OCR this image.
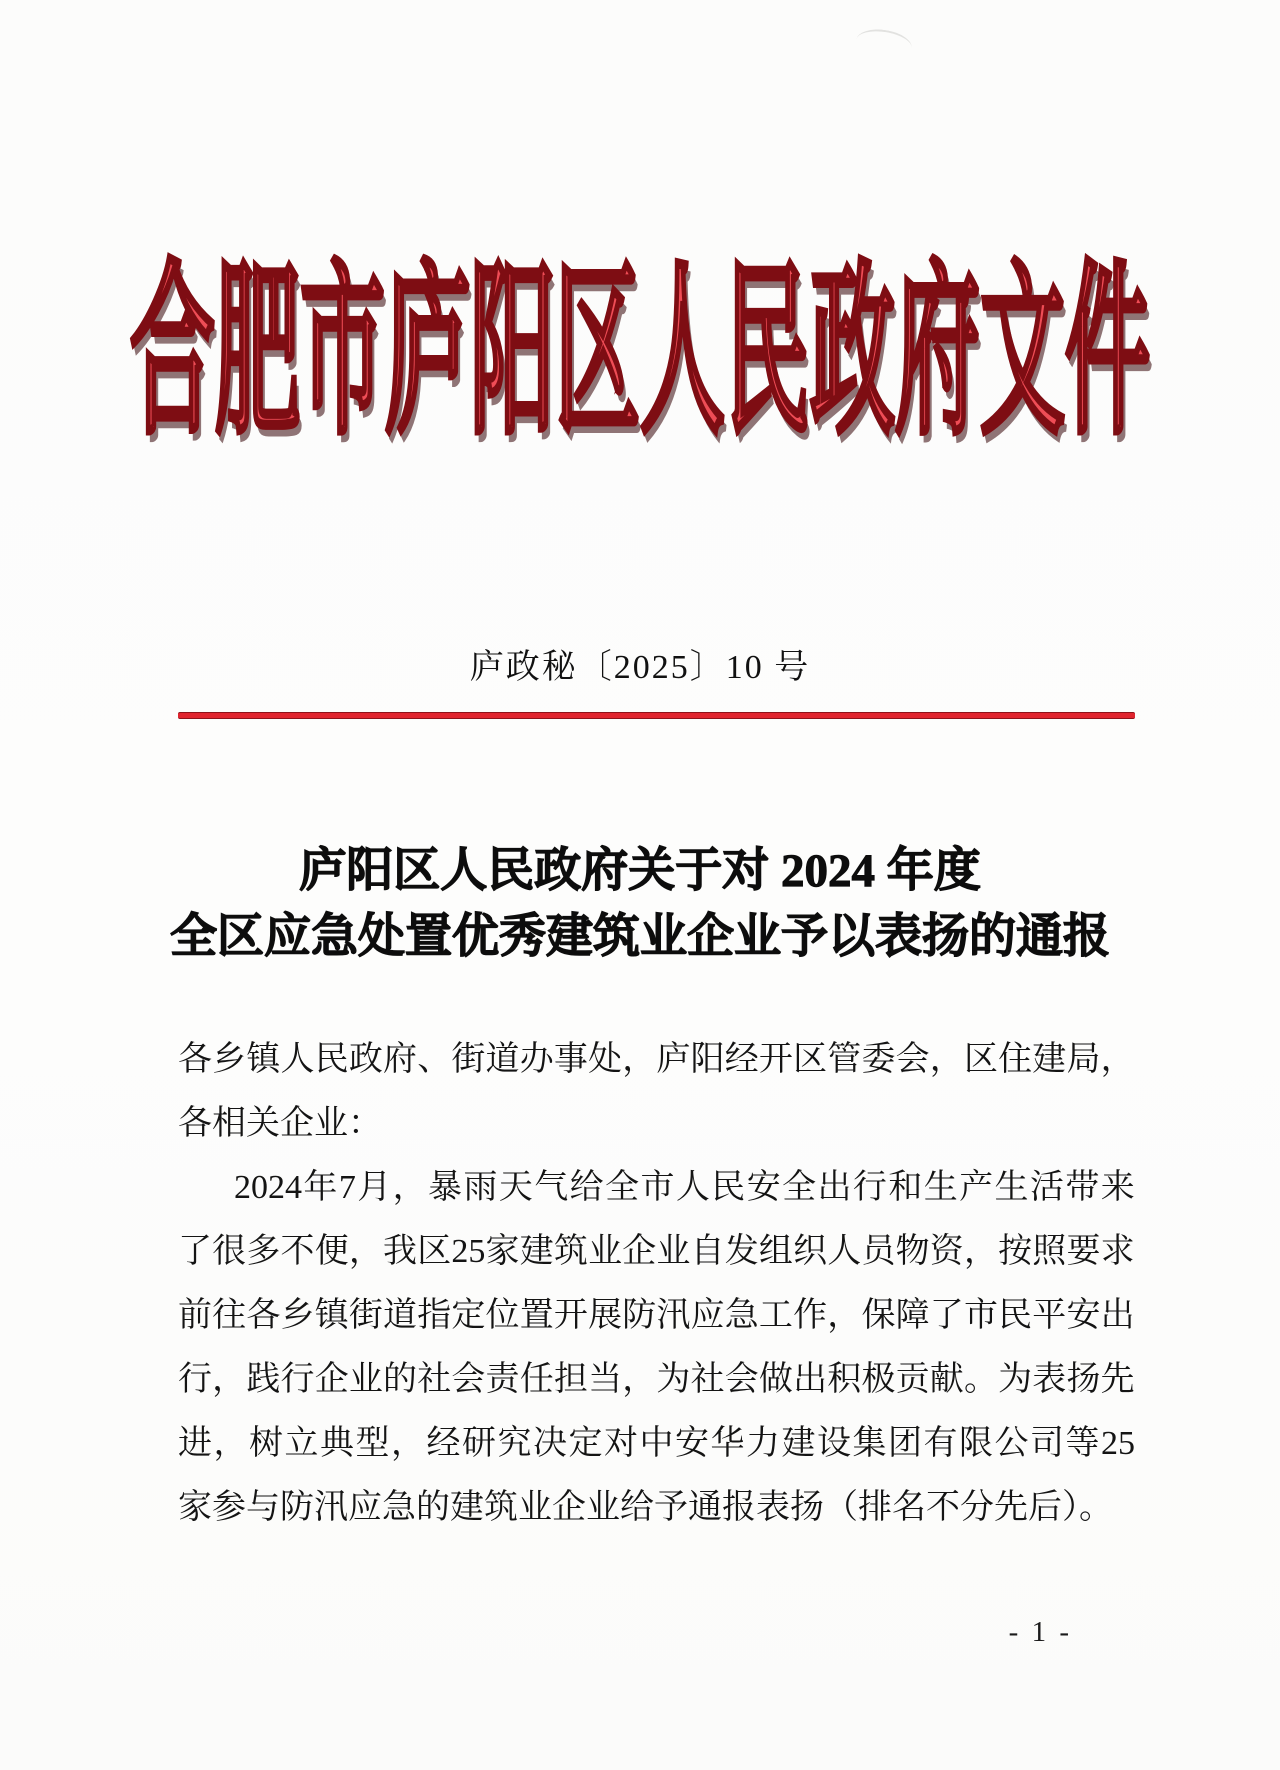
合肥市庐阳区人民政府文件
庐政秘〔2025〕10 号
庐阳区人民政府关于对 2024 年度
全区应急处置优秀建筑业企业予以表扬的通报
各 乡 镇 人 民 政 府 、 街 道 办 事 处 ， 庐 阳 经 开 区 管 委 会 ， 区 住 建 局 ，
各相关企业：
2024 年 7 月 ， 暴 雨 天 气 给 全 市 人 民 安 全 出 行 和 生 产 生 活 带 来
了 很 多 不 便 ， 我 区 25 家 建 筑 业 企 业 自 发 组 织 人 员 物 资 ， 按 照 要 求
前 往 各 乡 镇 街 道 指 定 位 置 开 展 防 汛 应 急 工 作 ， 保 障 了 市 民 平 安 出
行 ， 践 行 企 业 的 社 会 责 任 担 当 ， 为 社 会 做 出 积 极 贡 献 。 为 表 扬 先
进 ， 树 立 典 型 ， 经 研 究 决 定 对 中 安 华 力 建 设 集 团 有 限 公 司 等 25
家参与防汛应急的建筑业企业给予通报表扬（排名不分先后）。
- 1 -
